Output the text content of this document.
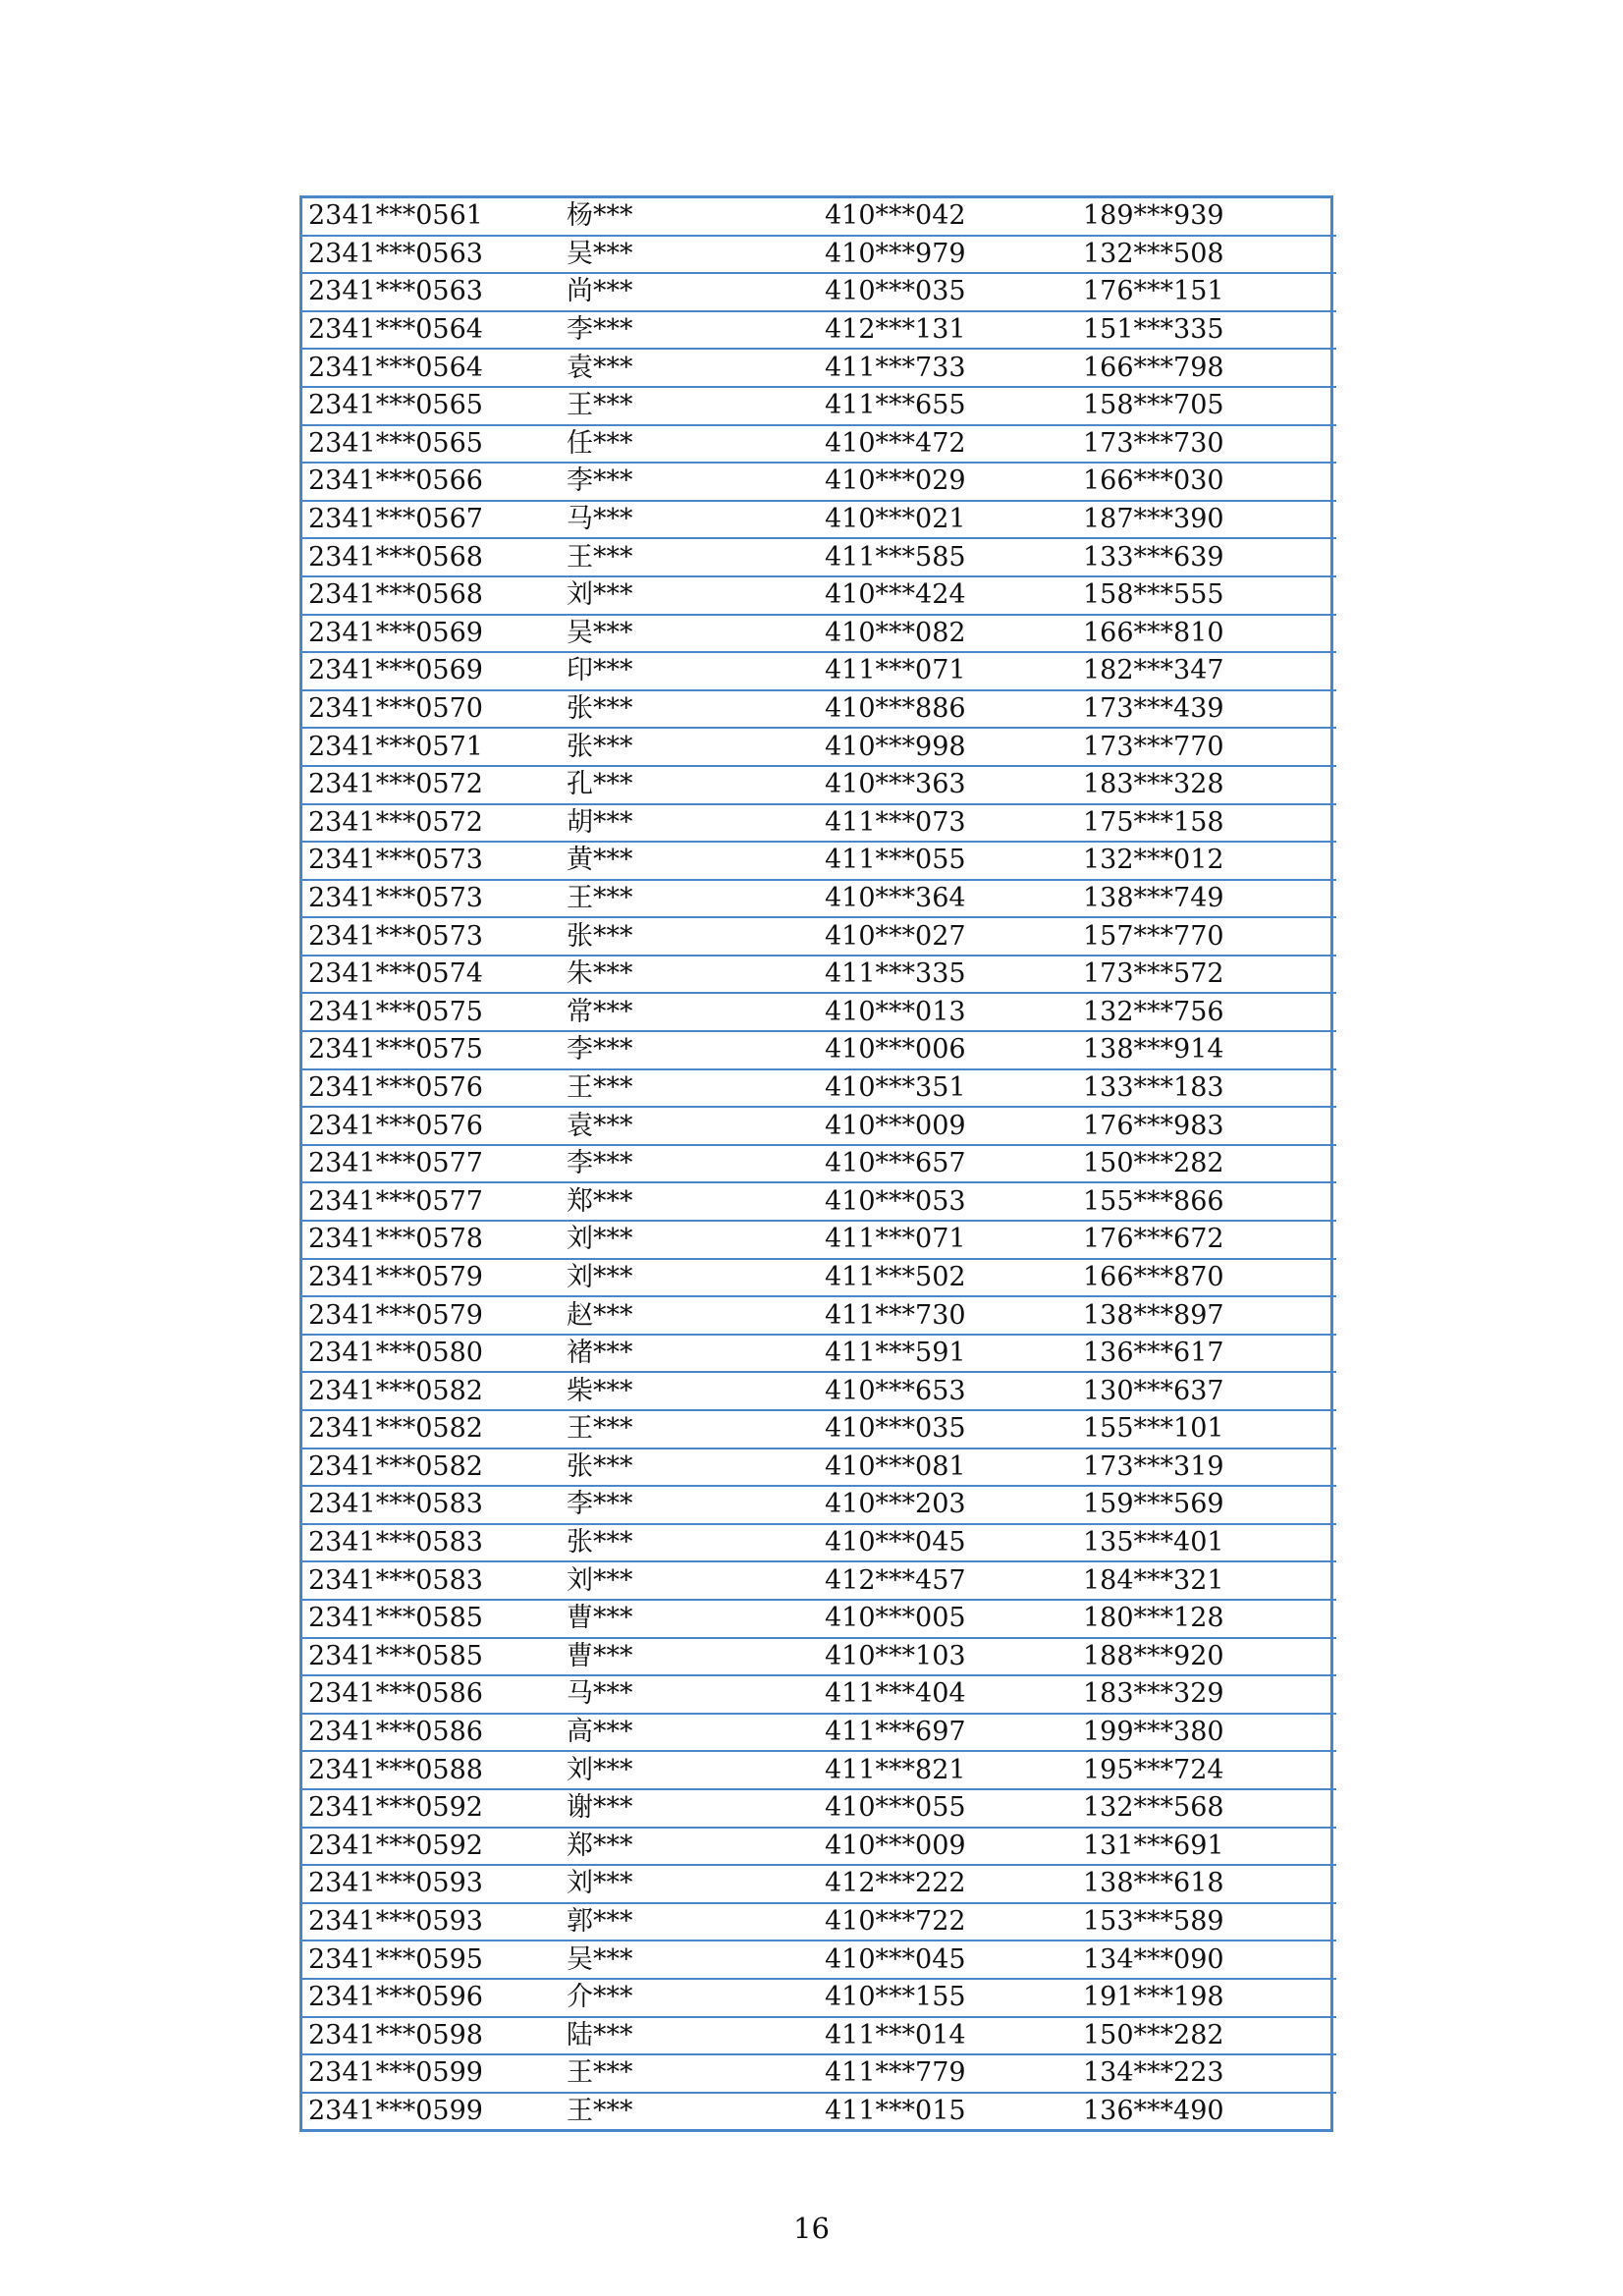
2341***0561	杨***	410***042	189***939
2341***0563	吴***	410***979	132***508
2341***0563	尚***	410***035	176***151
2341***0564	李***	412***131	151***335
2341***0564	袁***	411***733	166***798
2341***0565	王***	411***655	158***705
2341***0565	任***	410***472	173***730
2341***0566	李***	410***029	166***030
2341***0567	马***	410***021	187***390
2341***0568	王***	411***585	133***639
2341***0568	刘***	410***424	158***555
2341***0569	吴***	410***082	166***810
2341***0569	印***	411***071	182***347
2341***0570	张***	410***886	173***439
2341***0571	张***	410***998	173***770
2341***0572	孔***	410***363	183***328
2341***0572	胡***	411***073	175***158
2341***0573	黄***	411***055	132***012
2341***0573	王***	410***364	138***749
2341***0573	张***	410***027	157***770
2341***0574	朱***	411***335	173***572
2341***0575	常***	410***013	132***756
2341***0575	李***	410***006	138***914
2341***0576	王***	410***351	133***183
2341***0576	袁***	410***009	176***983
2341***0577	李***	410***657	150***282
2341***0577	郑***	410***053	155***866
2341***0578	刘***	411***071	176***672
2341***0579	刘***	411***502	166***870
2341***0579	赵***	411***730	138***897
2341***0580	褚***	411***591	136***617
2341***0582	柴***	410***653	130***637
2341***0582	王***	410***035	155***101
2341***0582	张***	410***081	173***319
2341***0583	李***	410***203	159***569
2341***0583	张***	410***045	135***401
2341***0583	刘***	412***457	184***321
2341***0585	曹***	410***005	180***128
2341***0585	曹***	410***103	188***920
2341***0586	马***	411***404	183***329
2341***0586	高***	411***697	199***380
2341***0588	刘***	411***821	195***724
2341***0592	谢***	410***055	132***568
2341***0592	郑***	410***009	131***691
2341***0593	刘***	412***222	138***618
2341***0593	郭***	410***722	153***589
2341***0595	吴***	410***045	134***090
2341***0596	介***	410***155	191***198
2341***0598	陆***	411***014	150***282
2341***0599	王***	411***779	134***223
2341***0599	王***	411***015	136***490
16
